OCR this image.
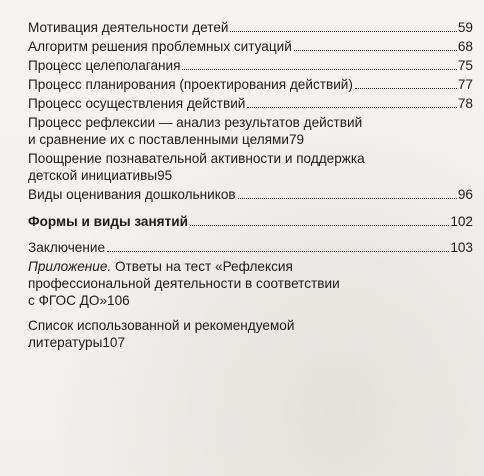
Мотивация деятельности детей	59
Алгоритм решения проблемных ситуаций	68
Процесс целеполагания	75
Процесс планирования (проектирования действий)	77
Процесс осуществления действий	78
Процесс рефлексии — анализ результатов действий
и сравнение их с поставленными целями 79
Поощрение познавательной активности и поддержка
детской инициативы 95
Виды оценивания дошкольников	96
Формы и виды занятий	102
Заключение	103
Приложение. Ответы на тест «Рефлексия
профессиональной деятельности в соответствии
с ФГОС ДО» 106
Список использованной и рекомендуемой
литературы 107
